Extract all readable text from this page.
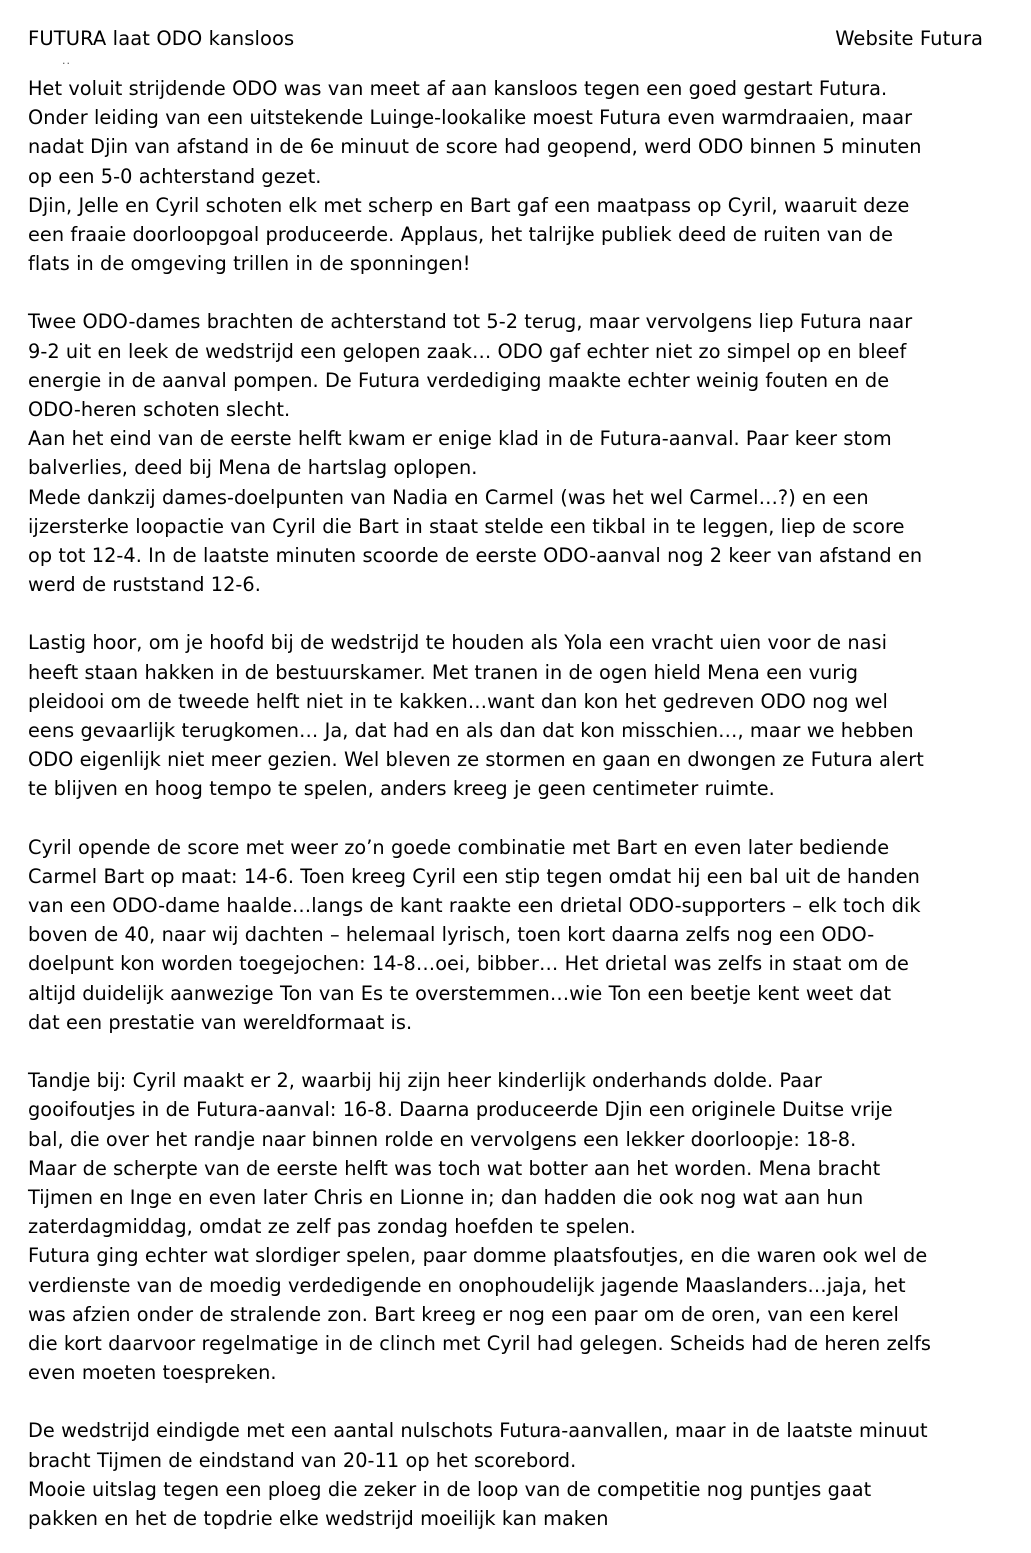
FUTURA laat ODO kansloos	Website Futura
..
Het voluit strijdende ODO was van meet af aan kansloos tegen een goed gestart Futura.
Onder leiding van een uitstekende Luinge-lookalike moest Futura even warmdraaien, maar
nadat Djin van afstand in de 6e minuut de score had geopend, werd ODO binnen 5 minuten
op een 5-0 achterstand gezet.
Djin, Jelle en Cyril schoten elk met scherp en Bart gaf een maatpass op Cyril, waaruit deze
een fraaie doorloopgoal produceerde. Applaus, het talrijke publiek deed de ruiten van de
flats in de omgeving trillen in de sponningen!
Twee ODO-dames brachten de achterstand tot 5-2 terug, maar vervolgens liep Futura naar
9-2 uit en leek de wedstrijd een gelopen zaak… ODO gaf echter niet zo simpel op en bleef
energie in de aanval pompen. De Futura verdediging maakte echter weinig fouten en de
ODO-heren schoten slecht.
Aan het eind van de eerste helft kwam er enige klad in de Futura-aanval. Paar keer stom
balverlies, deed bij Mena de hartslag oplopen.
Mede dankzij dames-doelpunten van Nadia en Carmel (was het wel Carmel…?) en een
ijzersterke loopactie van Cyril die Bart in staat stelde een tikbal in te leggen, liep de score
op tot 12-4. In de laatste minuten scoorde de eerste ODO-aanval nog 2 keer van afstand en
werd de ruststand 12-6.
Lastig hoor, om je hoofd bij de wedstrijd te houden als Yola een vracht uien voor de nasi
heeft staan hakken in de bestuurskamer. Met tranen in de ogen hield Mena een vurig
pleidooi om de tweede helft niet in te kakken…want dan kon het gedreven ODO nog wel
eens gevaarlijk terugkomen… Ja, dat had en als dan dat kon misschien…, maar we hebben
ODO eigenlijk niet meer gezien. Wel bleven ze stormen en gaan en dwongen ze Futura alert
te blijven en hoog tempo te spelen, anders kreeg je geen centimeter ruimte.
Cyril opende de score met weer zo’n goede combinatie met Bart en even later bediende
Carmel Bart op maat: 14-6. Toen kreeg Cyril een stip tegen omdat hij een bal uit de handen
van een ODO-dame haalde…langs de kant raakte een drietal ODO-supporters – elk toch dik
boven de 40, naar wij dachten – helemaal lyrisch, toen kort daarna zelfs nog een ODO-
doelpunt kon worden toegejochen: 14-8…oei, bibber… Het drietal was zelfs in staat om de
altijd duidelijk aanwezige Ton van Es te overstemmen…wie Ton een beetje kent weet dat
dat een prestatie van wereldformaat is.
Tandje bij: Cyril maakt er 2, waarbij hij zijn heer kinderlijk onderhands dolde. Paar
gooifoutjes in de Futura-aanval: 16-8. Daarna produceerde Djin een originele Duitse vrije
bal, die over het randje naar binnen rolde en vervolgens een lekker doorloopje: 18-8.
Maar de scherpte van de eerste helft was toch wat botter aan het worden. Mena bracht
Tijmen en Inge en even later Chris en Lionne in; dan hadden die ook nog wat aan hun
zaterdagmiddag, omdat ze zelf pas zondag hoefden te spelen.
Futura ging echter wat slordiger spelen, paar domme plaatsfoutjes, en die waren ook wel de
verdienste van de moedig verdedigende en onophoudelijk jagende Maaslanders…jaja, het
was afzien onder de stralende zon. Bart kreeg er nog een paar om de oren, van een kerel
die kort daarvoor regelmatige in de clinch met Cyril had gelegen. Scheids had de heren zelfs
even moeten toespreken.
De wedstrijd eindigde met een aantal nulschots Futura-aanvallen, maar in de laatste minuut
bracht Tijmen de eindstand van 20-11 op het scorebord.
Mooie uitslag tegen een ploeg die zeker in de loop van de competitie nog puntjes gaat
pakken en het de topdrie elke wedstrijd moeilijk kan maken
